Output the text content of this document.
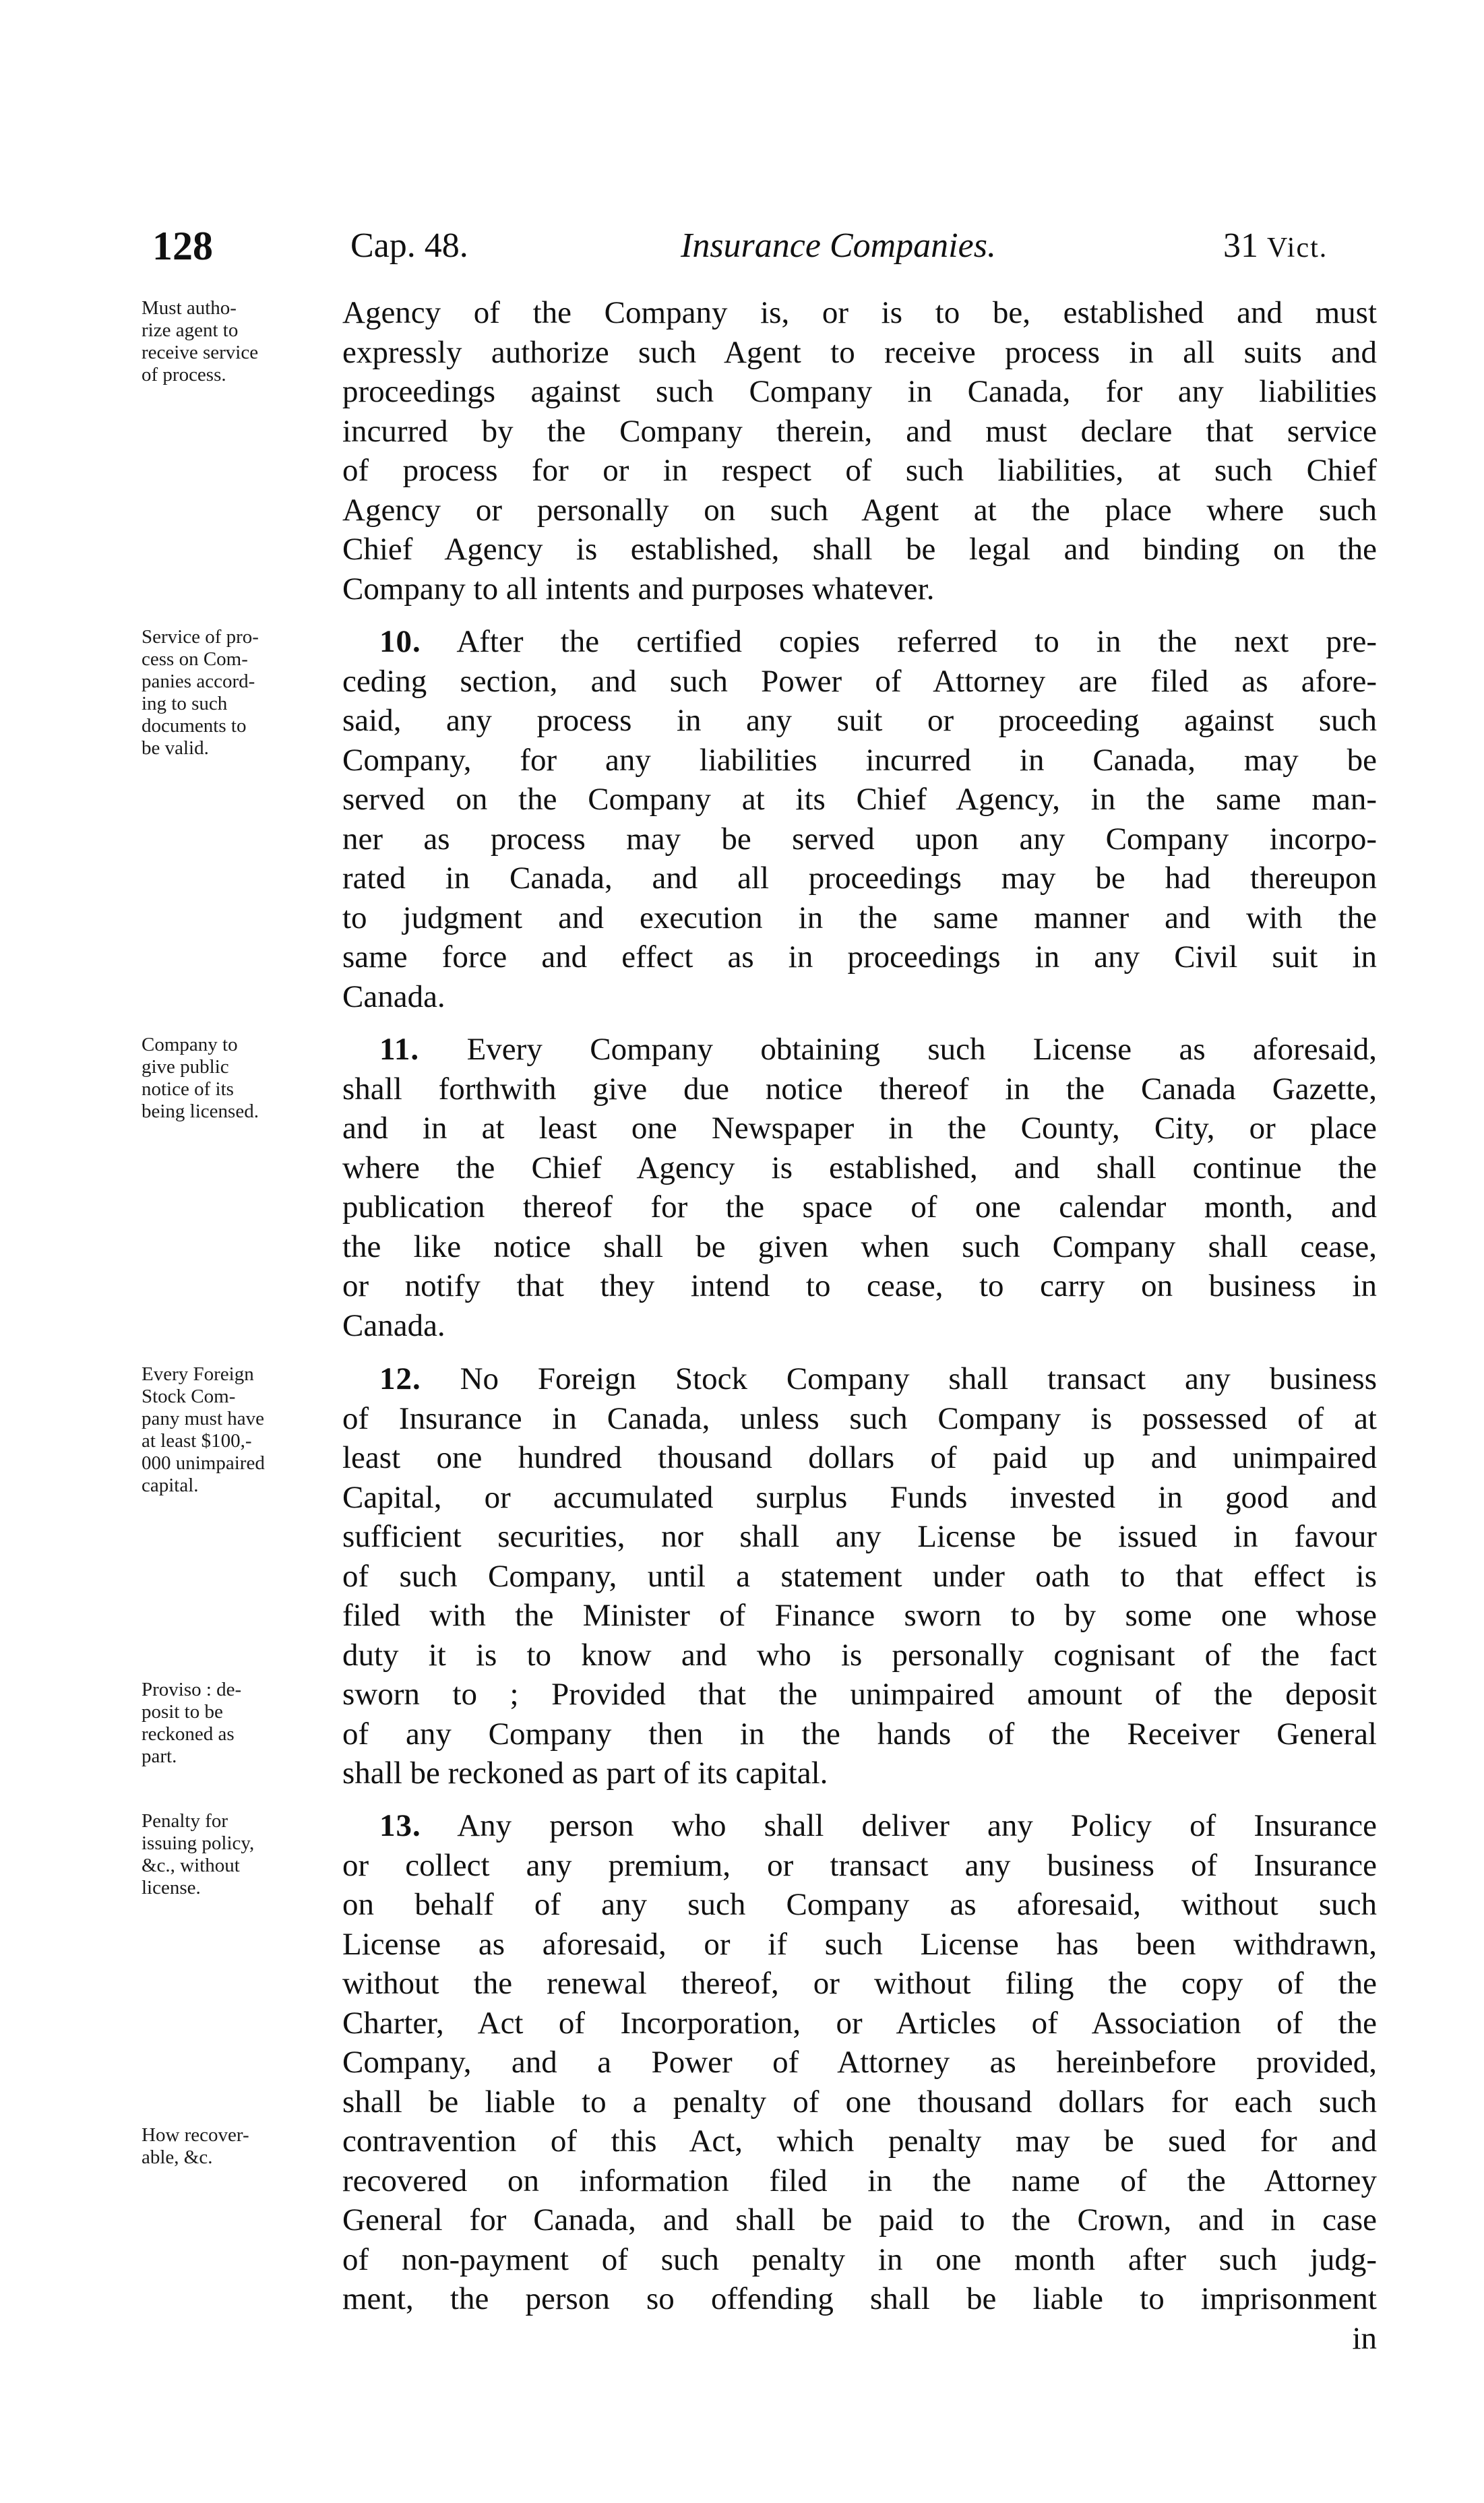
128	Cap. 48.	Insurance Companies.	31 Vict.
Must autho-
rize agent to
receive service
of process.
Agency of the Company is, or is to be, established and must
expressly authorize such Agent to receive process in all suits and
proceedings against such Company in Canada, for any liabilities
incurred by the Company therein, and must declare that service
of process for or in respect of such liabilities, at such Chief
Agency or personally on such Agent at the place where such
Chief Agency is established, shall be legal and binding on the
Company to all intents and purposes whatever.
Service of pro-
cess on Com-
panies accord-
ing to such
documents to
be valid.
10. After the certified copies referred to in the next pre-
ceding section, and such Power of Attorney are filed as afore-
said, any process in any suit or proceeding against such
Company, for any liabilities incurred in Canada, may be
served on the Company at its Chief Agency, in the same man-
ner as process may be served upon any Company incorpo-
rated in Canada, and all proceedings may be had thereupon
to judgment and execution in the same manner and with the
same force and effect as in proceedings in any Civil suit in
Canada.
Company to
give public
notice of its
being licensed.
11. Every Company obtaining such License as aforesaid,
shall forthwith give due notice thereof in the Canada Gazette,
and in at least one Newspaper in the County, City, or place
where the Chief Agency is established, and shall continue the
publication thereof for the space of one calendar month, and
the like notice shall be given when such Company shall cease,
or notify that they intend to cease, to carry on business in
Canada.
Every Foreign
Stock Com-
pany must have
at least $100,-
000 unimpaired
capital.
Proviso : de-
posit to be
reckoned as
part.
12. No Foreign Stock Company shall transact any business
of Insurance in Canada, unless such Company is possessed of at
least one hundred thousand dollars of paid up and unimpaired
Capital, or accumulated surplus Funds invested in good and
sufficient securities, nor shall any License be issued in favour
of such Company, until a statement under oath to that effect is
filed with the Minister of Finance sworn to by some one whose
duty it is to know and who is personally cognisant of the fact
sworn to ; Provided that the unimpaired amount of the deposit
of any Company then in the hands of the Receiver General
shall be reckoned as part of its capital.
Penalty for
issuing policy,
&c., without
license.
How recover-
able, &c.
13. Any person who shall deliver any Policy of Insurance
or collect any premium, or transact any business of Insurance
on behalf of any such Company as aforesaid, without such
License as aforesaid, or if such License has been withdrawn,
without the renewal thereof, or without filing the copy of the
Charter, Act of Incorporation, or Articles of Association of the
Company, and a Power of Attorney as hereinbefore provided,
shall be liable to a penalty of one thousand dollars for each such
contravention of this Act, which penalty may be sued for and
recovered on information filed in the name of the Attorney
General for Canada, and shall be paid to the Crown, and in case
of non-payment of such penalty in one month after such judg-
ment, the person so offending shall be liable to imprisonment
in
